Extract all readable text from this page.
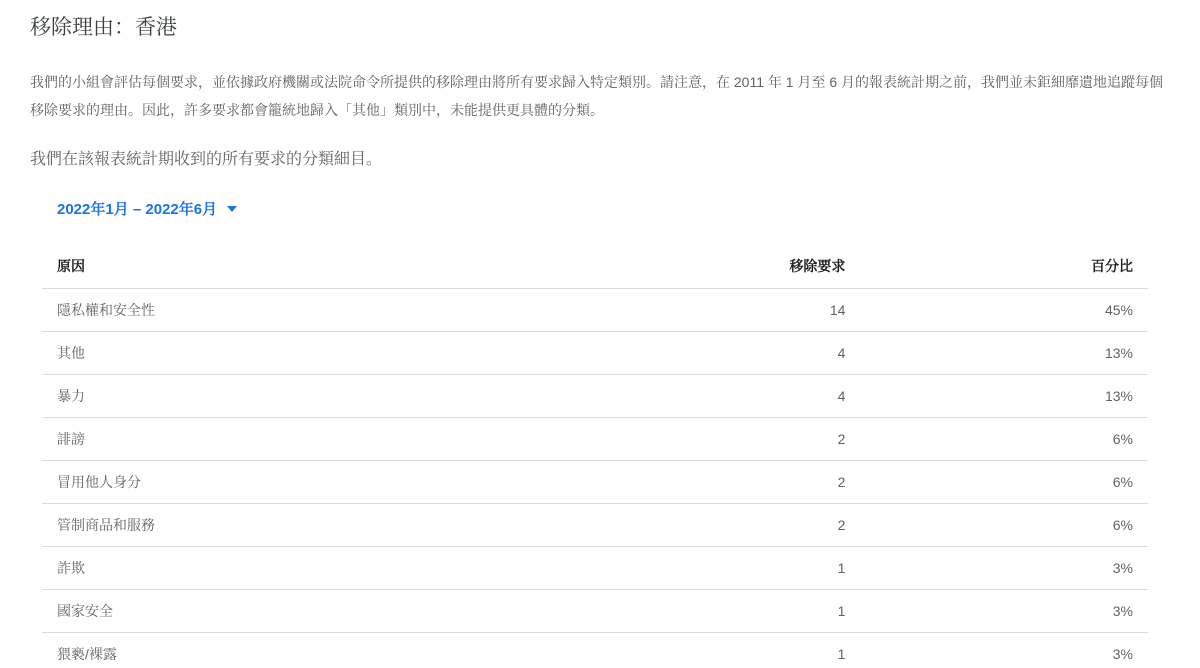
移除理由：香港

我們的小組會評估每個要求，並依據政府機關或法院命令所提供的移除理由將所有要求歸入特定類別。請注意，在 2011 年 1 月至 6 月的報表統計期之前，我們並未鉅細靡遺地追蹤每個移除要求的理由。因此，許多要求都會籠統地歸入「其他」類別中，未能提供更具體的分類。

我們在該報表統計期收到的所有要求的分類細目。

2022年1月 – 2022年6月
原因	移除要求	百分比
隱私權和安全性	14	45%
其他	4	13%
暴力	4	13%
誹謗	2	6%
冒用他人身分	2	6%
管制商品和服務	2	6%
詐欺	1	3%
國家安全	1	3%
猥褻/裸露	1	3%
